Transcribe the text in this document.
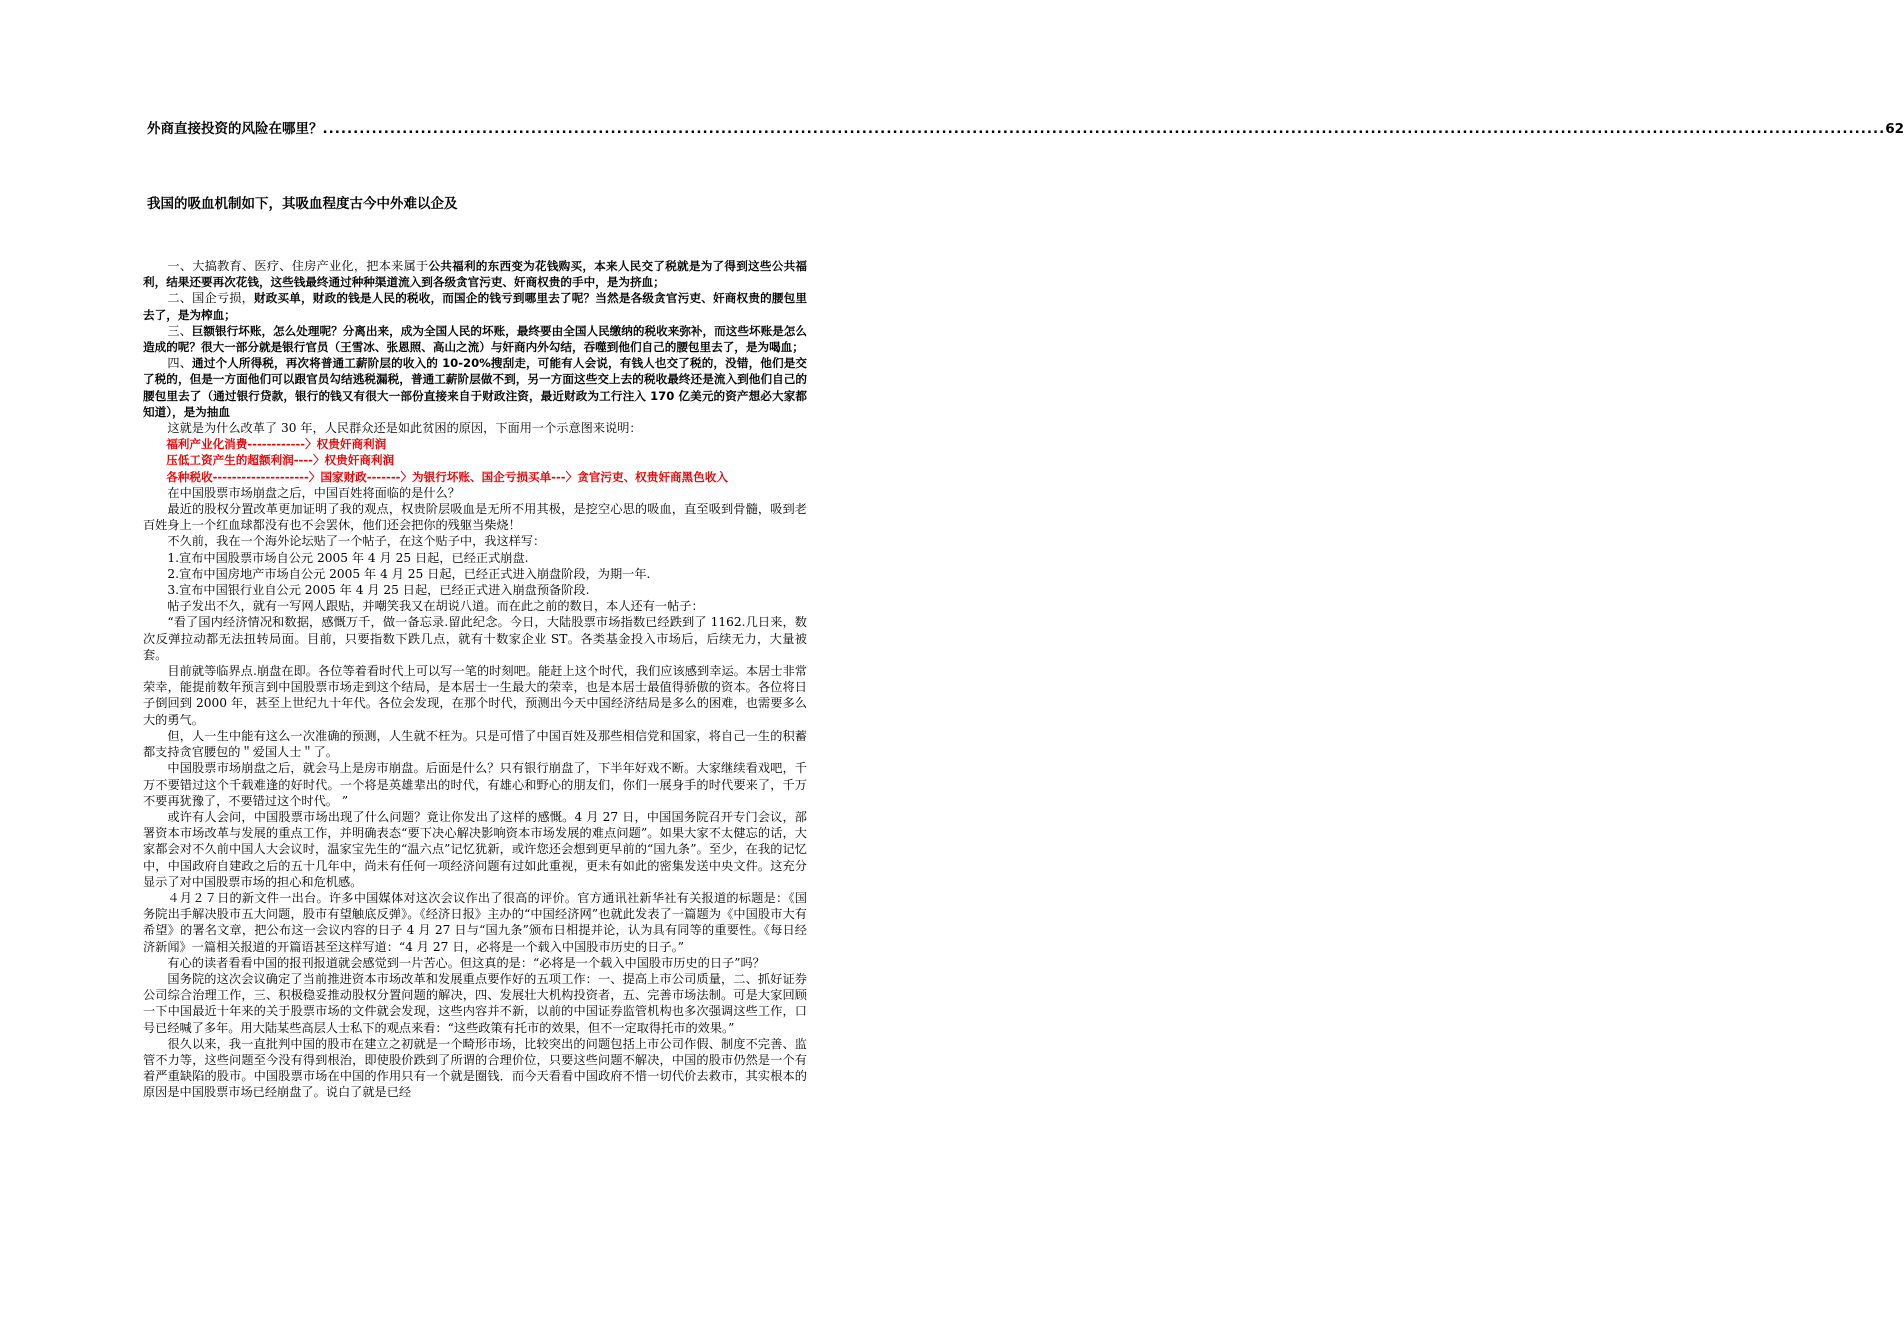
外商直接投资的风险在哪里？ ............................................................................................................................................................................................................................................................... 62
我国的吸血机制如下，其吸血程度古今中外难以企及

一、大搞教育、医疗、住房产业化，把本来属于公共福利的东西变为花钱购买，本来人民交了税就是为了得到这些公共福利，结果还要再次花钱，这些钱最终通过种种渠道流入到各级贪官污吏、奸商权贵的手中，是为挤血；

二、国企亏损，财政买单，财政的钱是人民的税收，而国企的钱亏到哪里去了呢？当然是各级贪官污吏、奸商权贵的腰包里去了，是为榨血；

三、巨额银行坏账，怎么处理呢？分离出来，成为全国人民的坏账，最终要由全国人民缴纳的税收来弥补，而这些坏账是怎么造成的呢？很大一部分就是银行官员（王雪冰、张恩照、高山之流）与奸商内外勾结，吞噬到他们自己的腰包里去了，是为喝血；

四、通过个人所得税，再次将普通工薪阶层的收入的 10-20%搜刮走，可能有人会说，有钱人也交了税的，没错，他们是交了税的，但是一方面他们可以跟官员勾结逃税漏税，普通工薪阶层做不到，另一方面这些交上去的税收最终还是流入到他们自己的腰包里去了（通过银行贷款，银行的钱又有很大一部份直接来自于财政注资，最近财政为工行注入 170 亿美元的资产想必大家都知道），是为抽血

这就是为什么改革了 30 年，人民群众还是如此贫困的原因，下面用一个示意图来说明：

福利产业化消费------------〉权贵奸商利润

压低工资产生的超额利润----〉权贵奸商利润

各种税收--------------------〉国家财政-------〉为银行坏账、国企亏损买单---〉贪官污吏、权贵奸商黑色收入

在中国股票市场崩盘之后，中国百姓将面临的是什么？

最近的股权分置改革更加证明了我的观点，权贵阶层吸血是无所不用其极，是挖空心思的吸血，直至吸到骨髓，吸到老百姓身上一个红血球都没有也不会罢休，他们还会把你的残躯当柴烧！

不久前，我在一个海外论坛贴了一个帖子，在这个贴子中，我这样写：

1.宣布中国股票市场自公元 2005 年 4 月 25 日起，已经正式崩盘.

2.宣布中国房地产市场自公元 2005 年 4 月 25 日起，已经正式进入崩盘阶段，为期一年.

3.宣布中国银行业自公元 2005 年 4 月 25 日起，已经正式进入崩盘预备阶段.

帖子发出不久，就有一写网人跟贴，并嘲笑我又在胡说八道。而在此之前的数日，本人还有一帖子：

“看了国内经济情况和数据，感慨万千，做一备忘录.留此纪念。今日，大陆股票市场指数已经跌到了 1162.几日来，数次反弹拉动都无法扭转局面。目前，只要指数下跌几点，就有十数家企业 ST。各类基金投入市场后，后续无力，大量被套。

目前就等临界点.崩盘在即。各位等着看时代上可以写一笔的时刻吧。能赶上这个时代，我们应该感到幸运。本居士非常荣幸，能提前数年预言到中国股票市场走到这个结局，是本居士一生最大的荣幸，也是本居士最值得骄傲的资本。各位将日子倒回到 2000 年，甚至上世纪九十年代。各位会发现，在那个时代，预测出今天中国经济结局是多么的困难，也需要多么大的勇气。

但，人一生中能有这么一次准确的预测，人生就不枉为。只是可惜了中国百姓及那些相信党和国家，将自己一生的积蓄都支持贪官腰包的＂爱国人士＂了。

中国股票市场崩盘之后，就会马上是房市崩盘。后面是什么？只有银行崩盘了，下半年好戏不断。大家继续看戏吧，千万不要错过这个千载难逢的好时代。一个将是英雄辈出的时代，有雄心和野心的朋友们，你们一展身手的时代要来了，千万不要再犹豫了，不要错过这个时代。 ”

或许有人会问，中国股票市场出现了什么问题？竟让你发出了这样的感慨。4 月 27 日，中国国务院召开专门会议，部署资本市场改革与发展的重点工作，并明确表态“要下决心解决影响资本市场发展的难点问题”。如果大家不太健忘的话，大家都会对不久前中国人大会议时，温家宝先生的“温六点”记忆犹新，或许您还会想到更早前的“国九条”。至少，在我的记忆中，中国政府自建政之后的五十几年中，尚未有任何一项经济问题有过如此重视，更未有如此的密集发送中央文件。这充分显示了对中国股票市场的担心和危机感。

４月２７日的新文件一出台。许多中国媒体对这次会议作出了很高的评价。官方通讯社新华社有关报道的标题是：《国务院出手解决股市五大问题，股市有望触底反弹》。《经济日报》主办的“中国经济网”也就此发表了一篇题为《中国股市大有希望》的署名文章，把公布这一会议内容的日子 4 月 27 日与“国九条”颁布日相提并论，认为具有同等的重要性。《每日经济新闻》一篇相关报道的开篇语甚至这样写道：“4 月 27 日，必将是一个载入中国股市历史的日子。”

有心的读者看看中国的报刊报道就会感觉到一片苦心。但这真的是：“必将是一个载入中国股市历史的日子”吗？

国务院的这次会议确定了当前推进资本市场改革和发展重点要作好的五项工作：一、提高上市公司质量，二、抓好证券公司综合治理工作，三、积极稳妥推动股权分置问题的解决，四、发展壮大机构投资者，五、完善市场法制。可是大家回顾一下中国最近十年来的关于股票市场的文件就会发现，这些内容并不新，以前的中国证券监管机构也多次强调这些工作，口号已经喊了多年。用大陆某些高层人士私下的观点来看：“这些政策有托市的效果，但不一定取得托市的效果。”

很久以来，我一直批判中国的股市在建立之初就是一个畸形市场，比较突出的问题包括上市公司作假、制度不完善、监管不力等，这些问题至今没有得到根治，即使股价跌到了所谓的合理价位，只要这些问题不解决，中国的股市仍然是一个有着严重缺陷的股市。中国股票市场在中国的作用只有一个就是圈钱．而今天看看中国政府不惜一切代价去救市，其实根本的原因是中国股票市场已经崩盘了。说白了就是已经
